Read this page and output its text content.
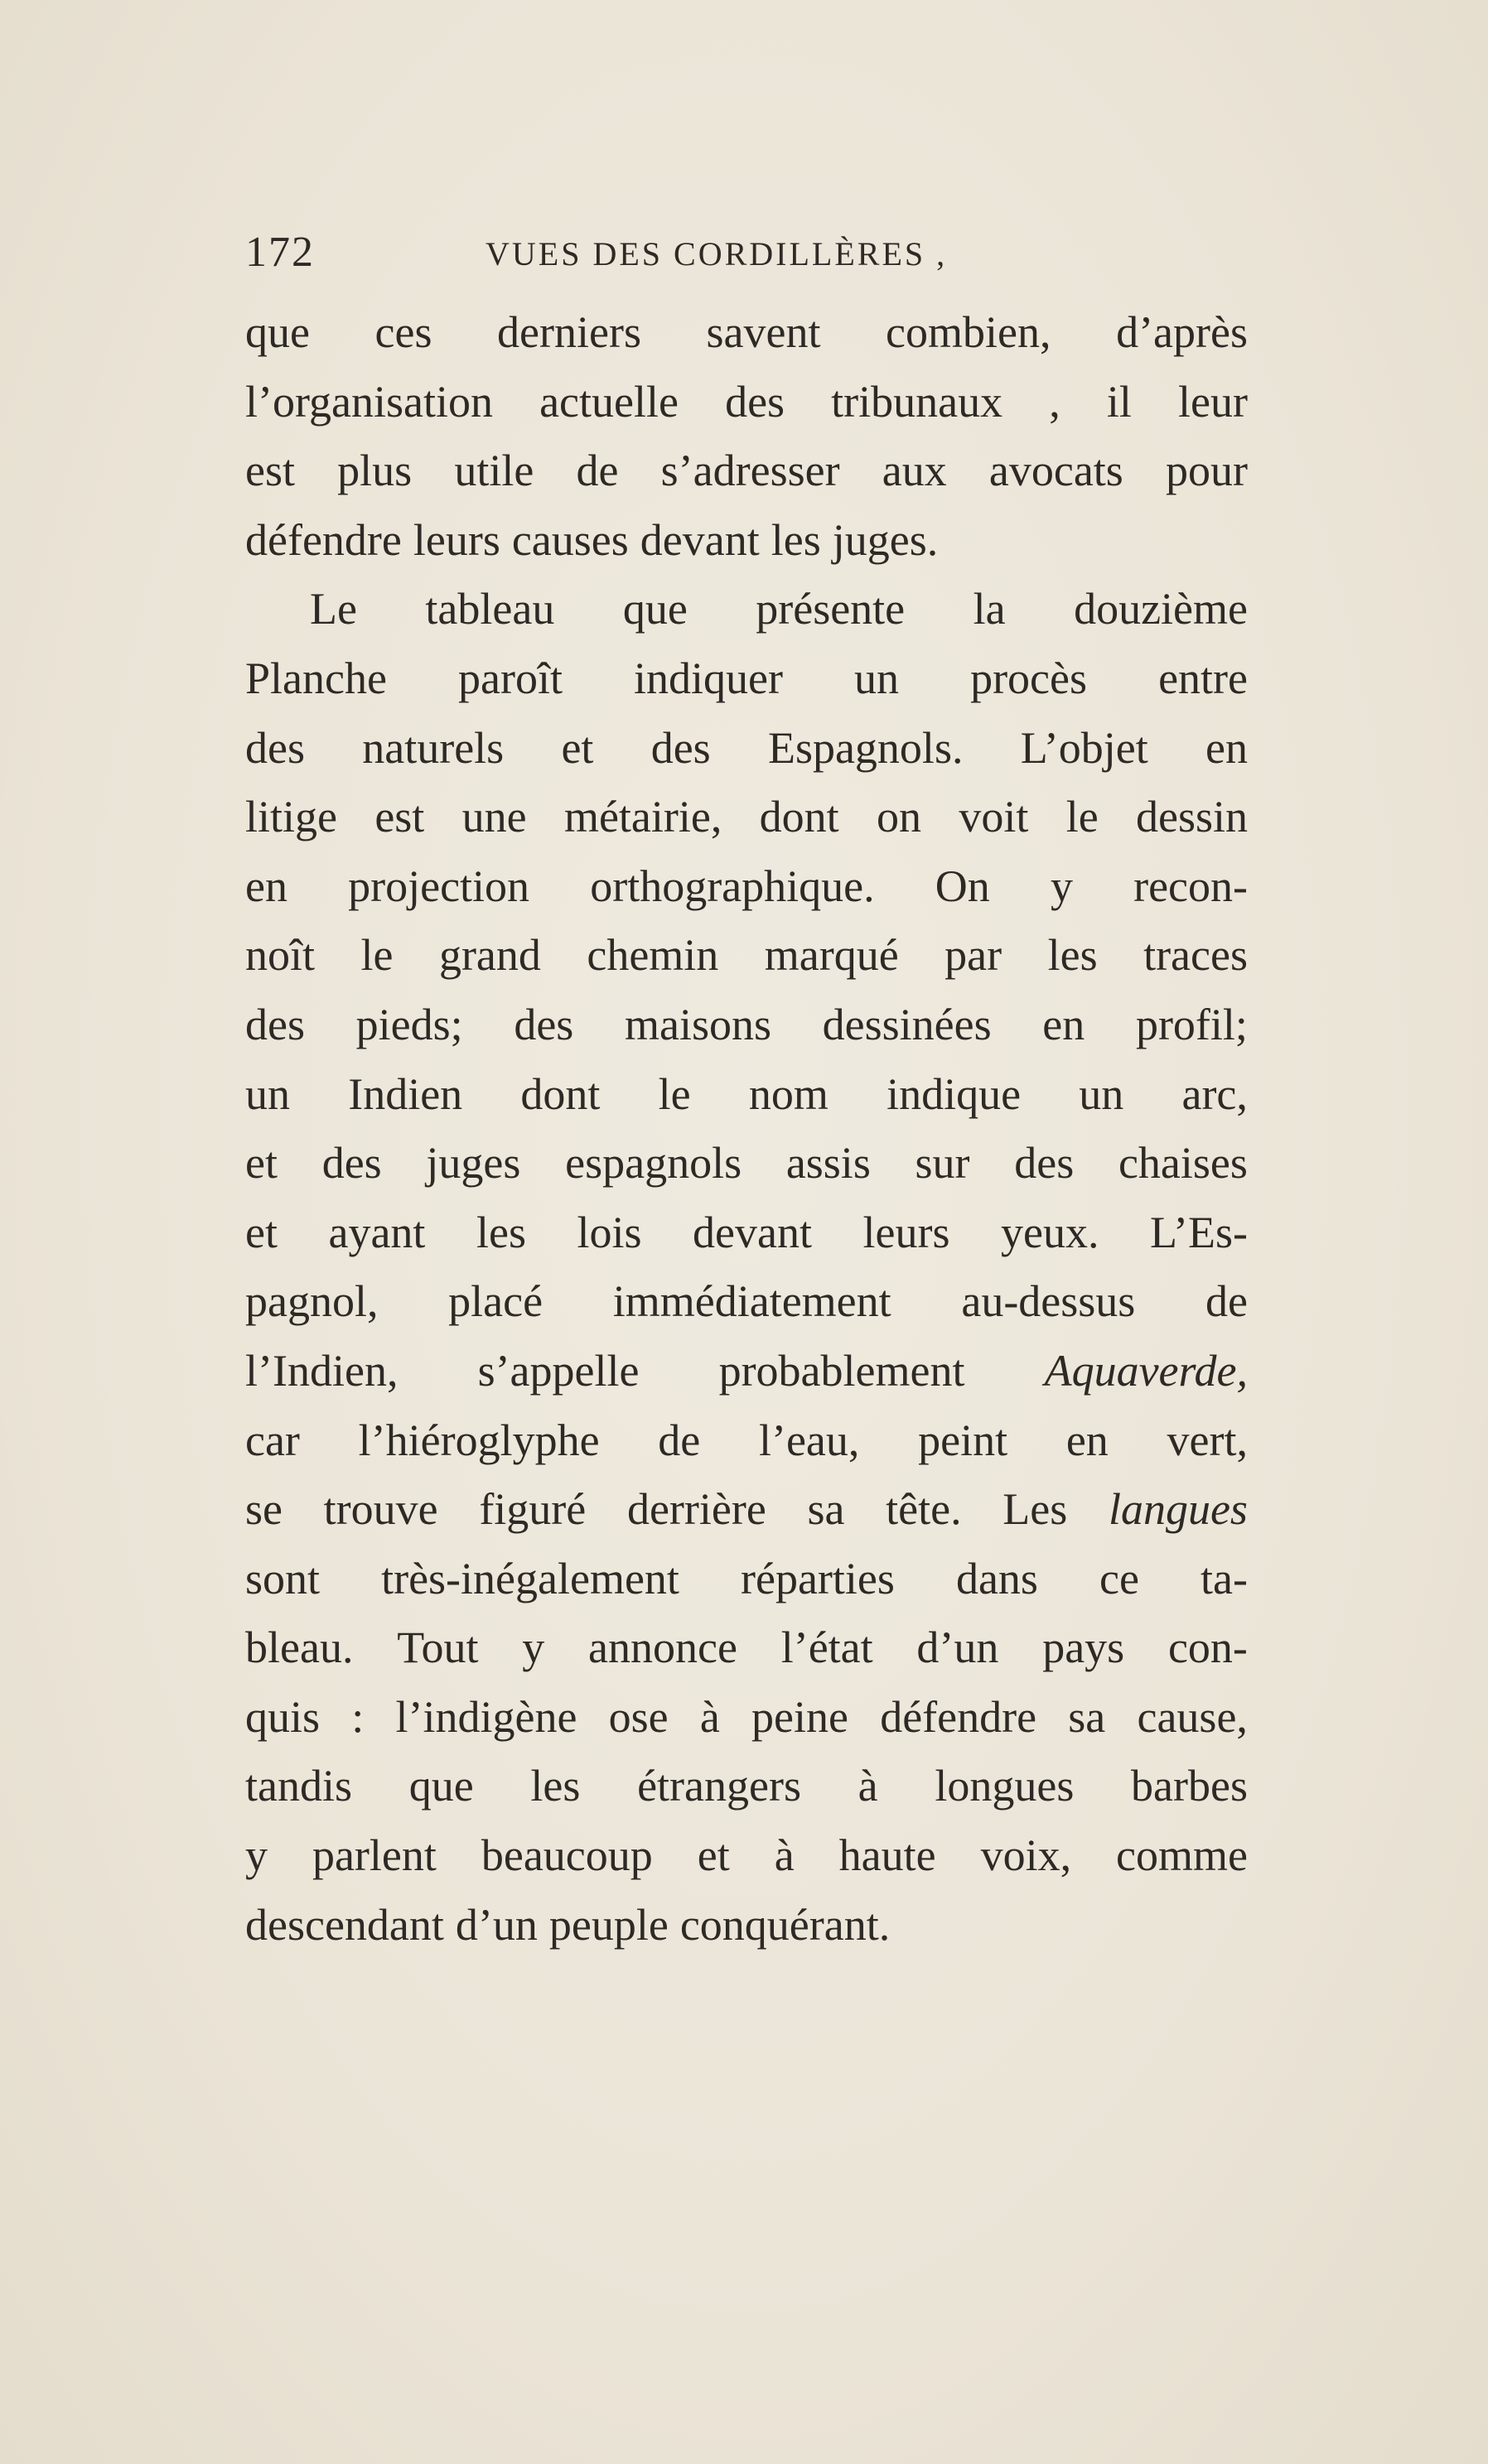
172	VUES DES CORDILLÈRES ,
que ces derniers savent combien, d’après
l’organisation actuelle des tribunaux , il leur
est plus utile de s’adresser aux avocats pour
défendre leurs causes devant les juges.
Le tableau que présente la douzième
Planche paroît indiquer un procès entre
des naturels et des Espagnols. L’objet en
litige est une métairie, dont on voit le dessin
en projection orthographique. On y recon-
noît le grand chemin marqué par les traces
des pieds; des maisons dessinées en profil;
un Indien dont le nom indique un arc,
et des juges espagnols assis sur des chaises
et ayant les lois devant leurs yeux. L’Es-
pagnol, placé immédiatement au-dessus de
l’Indien, s’appelle probablement Aquaverde,
car l’hiéroglyphe de l’eau, peint en vert,
se trouve figuré derrière sa tête. Les langues
sont très-inégalement réparties dans ce ta-
bleau. Tout y annonce l’état d’un pays con-
quis : l’indigène ose à peine défendre sa cause,
tandis que les étrangers à longues barbes
y parlent beaucoup et à haute voix, comme
descendant d’un peuple conquérant.
